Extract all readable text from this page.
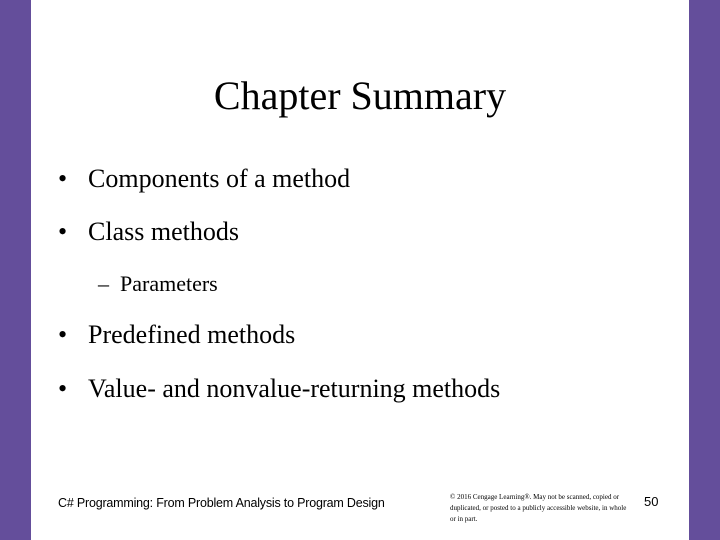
Chapter Summary
• Components of a method
• Class methods
– Parameters
• Predefined methods
• Value- and nonvalue-returning methods
C# Programming: From Problem Analysis to Program Design	© 2016 Cengage Learning®. May not be scanned, copied or duplicated, or posted to a publicly accessible website, in whole or in part.
50
